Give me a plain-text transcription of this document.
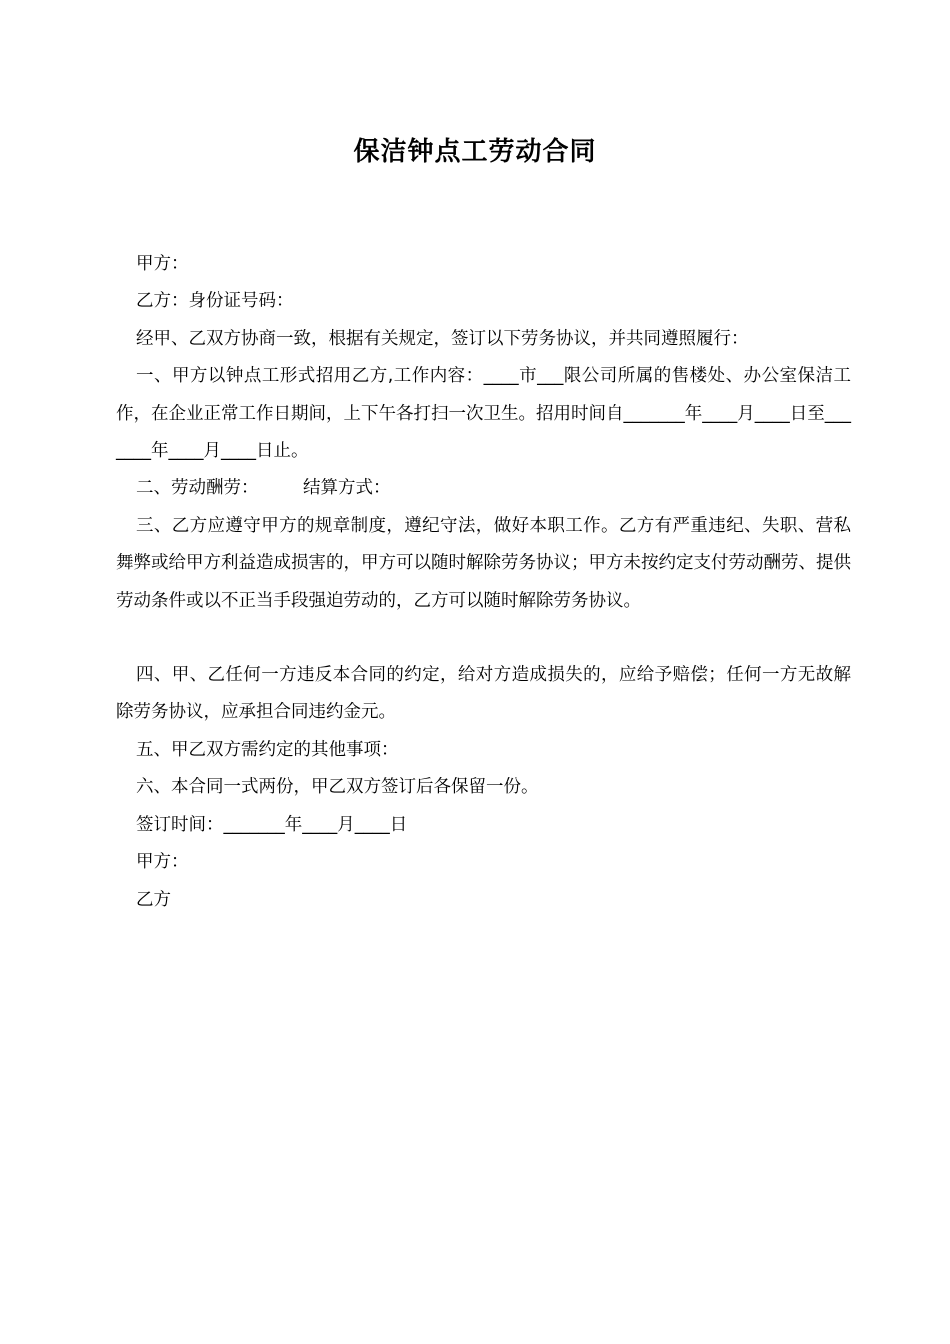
保洁钟点工劳动合同

甲方：

乙方：身份证号码：

经甲、乙双方协商一致，根据有关规定，签订以下劳务协议，并共同遵照履行：

一、甲方以钟点工形式招用乙方,工作内容：____市___限公司所属的售楼处、办公室保洁工作，在企业正常工作日期间，上下午各打扫一次卫生。招用时间自_______年____月____日至_______年____月____日止。

二、劳动酬劳：        结算方式：

三、乙方应遵守甲方的规章制度，遵纪守法，做好本职工作。乙方有严重违纪、失职、营私舞弊或给甲方利益造成损害的，甲方可以随时解除劳务协议；甲方未按约定支付劳动酬劳、提供劳动条件或以不正当手段强迫劳动的，乙方可以随时解除劳务协议。

四、甲、乙任何一方违反本合同的约定，给对方造成损失的，应给予赔偿；任何一方无故解除劳务协议，应承担合同违约金元。

五、甲乙双方需约定的其他事项：

六、本合同一式两份，甲乙双方签订后各保留一份。

签订时间：_______年____月____日

甲方：

乙方
